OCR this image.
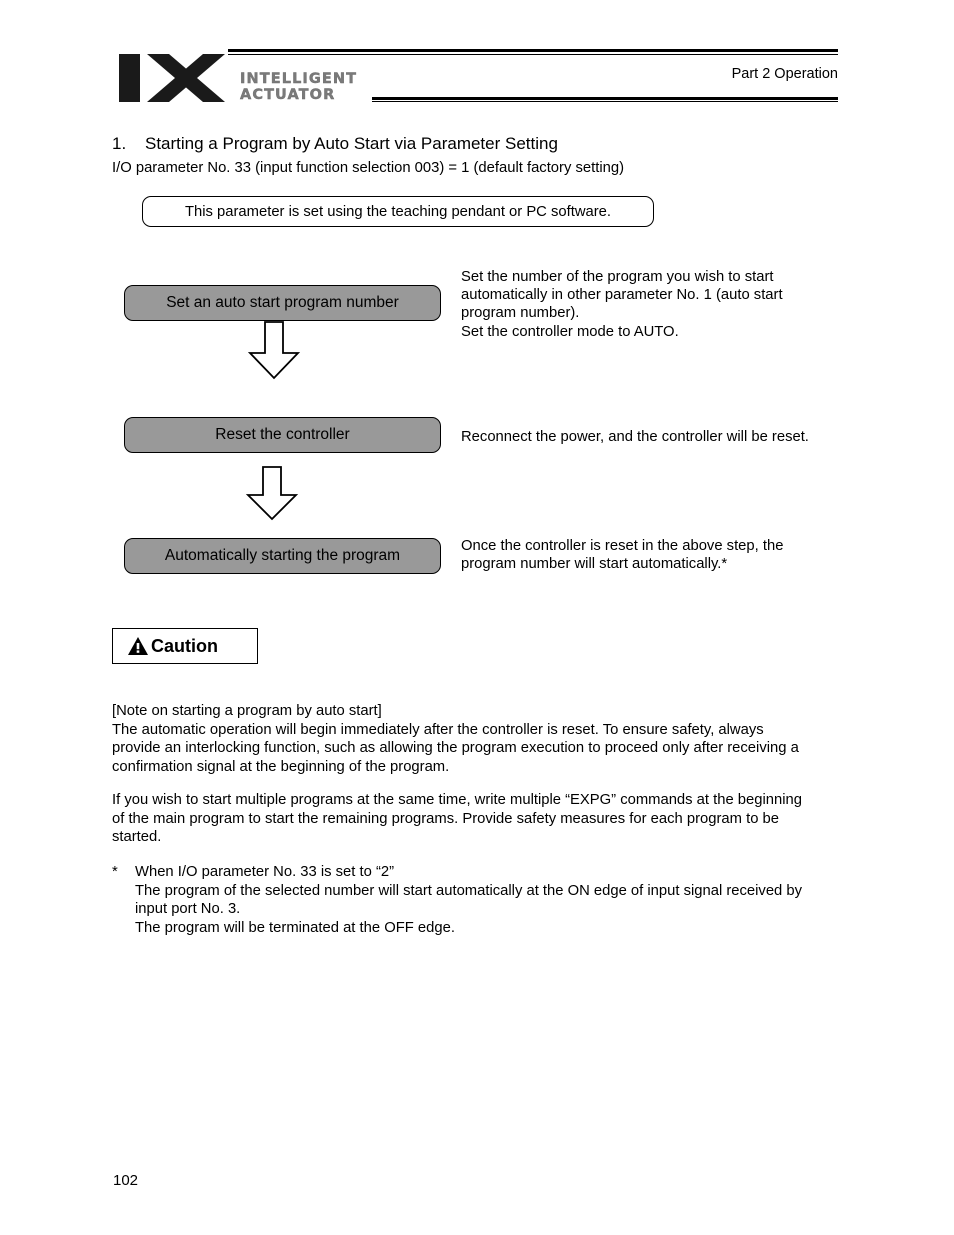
INTELLIGENT
ACTUATOR
Part 2 Operation
1. Starting a Program by Auto Start via Parameter Setting
I/O parameter No. 33 (input function selection 003) = 1 (default factory setting)
This parameter is set using the teaching pendant or PC software.
Set an auto start program number
Set the number of the program you wish to start
automatically in other parameter No. 1 (auto start
program number).
Set the controller mode to AUTO.
Reset the controller	Reconnect the power, and the controller will be reset.
Automatically starting the program
Once the controller is reset in the above step, the
program number will start automatically.*
Caution
[Note on starting a program by auto start]
The automatic operation will begin immediately after the controller is reset. To ensure safety, always
provide an interlocking function, such as allowing the program execution to proceed only after receiving a
confirmation signal at the beginning of the program.
If you wish to start multiple programs at the same time, write multiple “EXPG” commands at the beginning
of the main program to start the remaining programs. Provide safety measures for each program to be
started.
*	When I/O parameter No. 33 is set to “2”
The program of the selected number will start automatically at the ON edge of input signal received by
input port No. 3.
The program will be terminated at the OFF edge.
102
